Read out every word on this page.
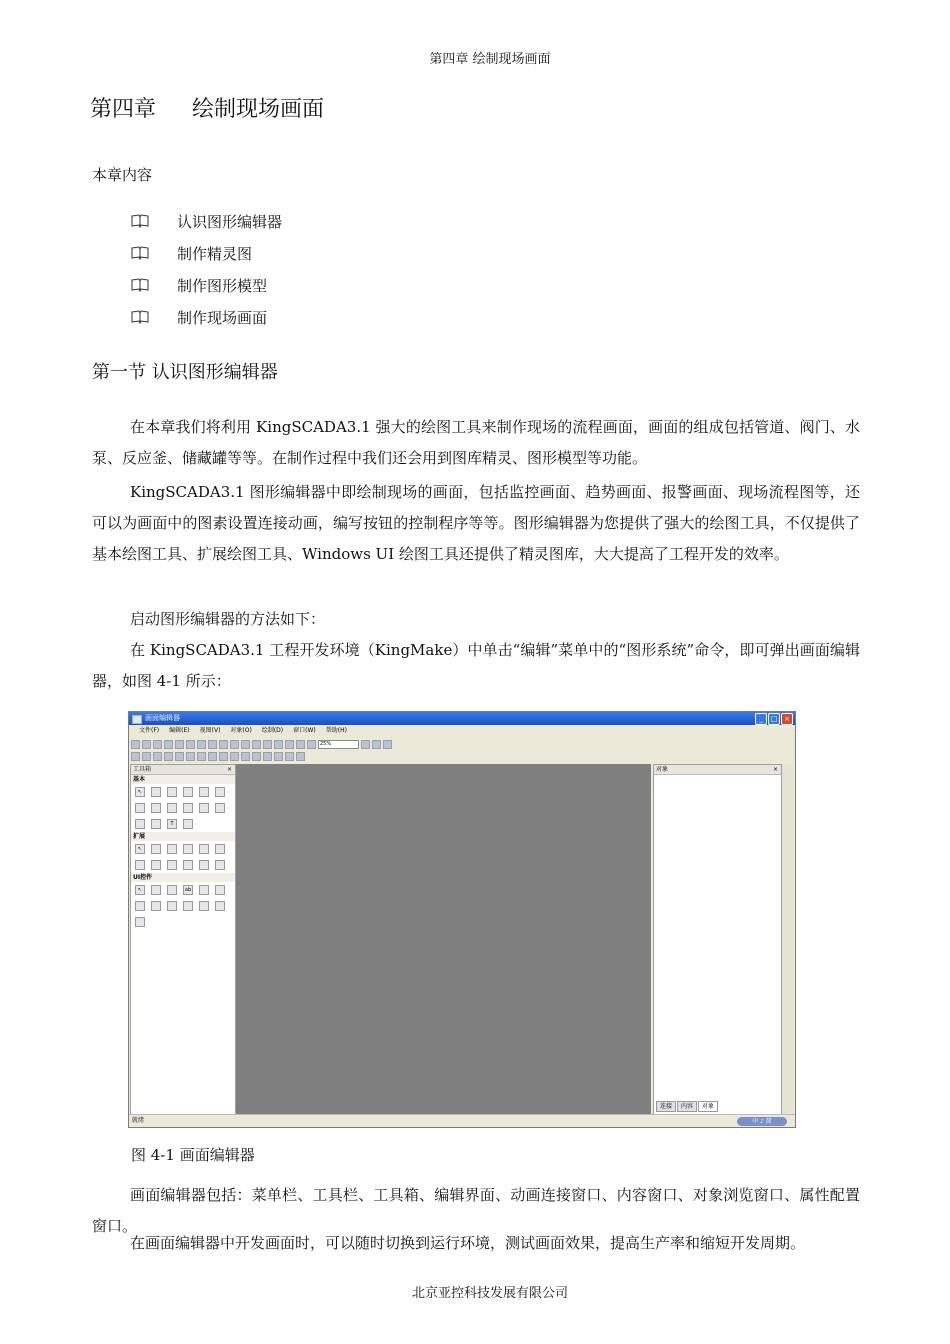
第四章 绘制现场画面
第四章 绘制现场画面
本章内容
认识图形编辑器
制作精灵图
制作图形模型
制作现场画面
第一节 认识图形编辑器
在本章我们将利用 KingSCADA3.1 强大的绘图工具来制作现场的流程画面，画面的组成包括管道、阀门、水泵、反应釜、储藏罐等等。在制作过程中我们还会用到图库精灵、图形模型等功能。
KingSCADA3.1 图形编辑器中即绘制现场的画面，包括监控画面、趋势画面、报警画面、现场流程图等，还可以为画面中的图素设置连接动画，编写按钮的控制程序等等。图形编辑器为您提供了强大的绘图工具，不仅提供了基本绘图工具、扩展绘图工具、Windows UI 绘图工具还提供了精灵图库，大大提高了工程开发的效率。
启动图形编辑器的方法如下：
在 KingSCADA3.1 工程开发环境（KingMake）中单击“编辑”菜单中的“图形系统”命令，即可弹出画面编辑器，如图 4-1 所示：
画面编辑器	_	□ ×
文件(F) 编辑(E) 视图(V) 对象(O) 绘制(D) 窗口(W) 帮助(H)
25%
工具箱	×
基本
↖
T
扩展
↖
UI控件
↖	ab
对象	×
连接	内容	对象
就绪	中 ♪ 简
图 4-1 画面编辑器
画面编辑器包括：菜单栏、工具栏、工具箱、编辑界面、动画连接窗口、内容窗口、对象浏览窗口、属性配置窗口。
在画面编辑器中开发画面时，可以随时切换到运行环境，测试画面效果，提高生产率和缩短开发周期。
北京亚控科技发展有限公司
